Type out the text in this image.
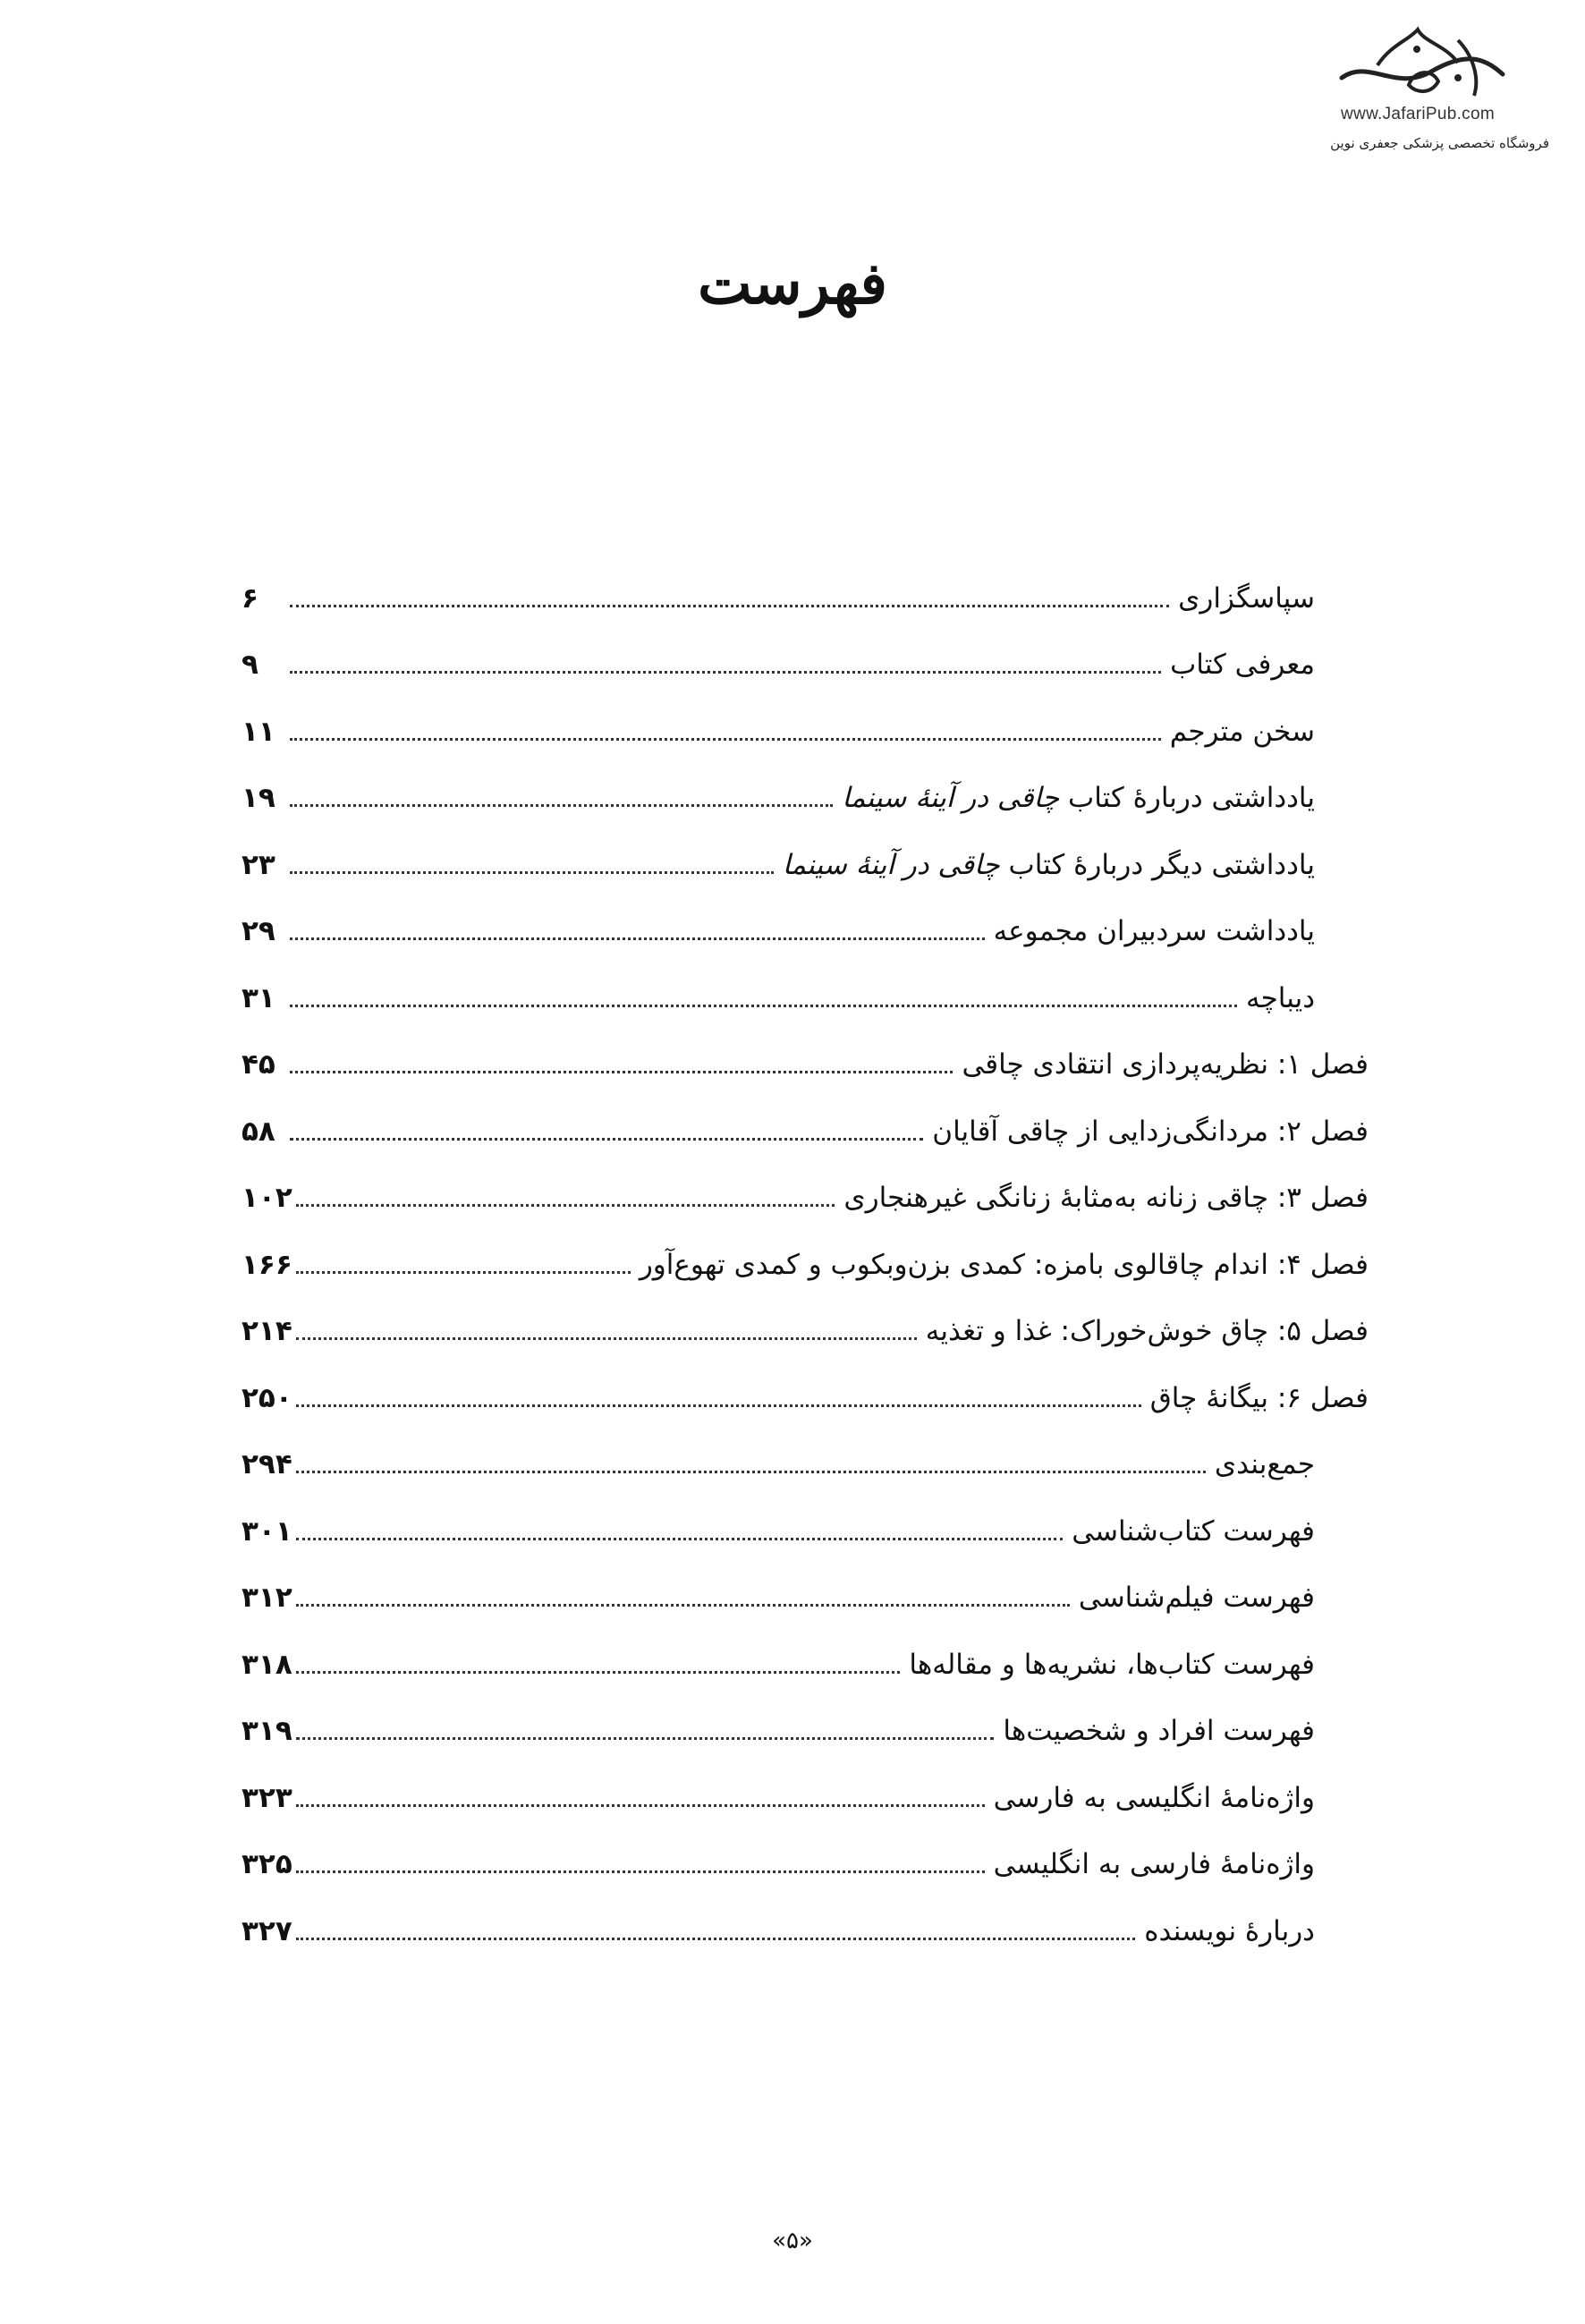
www.JafariPub.com
فروشگاه تخصصی پزشکی جعفری نوین
فهرست
سپاسگزاری
۶
معرفی کتاب
۹
سخن مترجم
۱۱
یادداشتی دربارۀ کتاب چاقی در آینۀ سینما
۱۹
یادداشتی دیگر دربارۀ کتاب چاقی در آینۀ سینما
۲۳
یادداشت سردبیران مجموعه
۲۹
دیباچه
۳۱
فصل ۱: نظریه‌پردازی انتقادی چاقی
۴۵
فصل ۲: مردانگی‌زدایی از چاقی آقایان
۵۸
فصل ۳: چاقی زنانه به‌مثابۀ زنانگی غیرهنجاری
۱۰۲
فصل ۴: اندام چاقالوی بامزه: کمدی بزن‌وبکوب و کمدی تهوع‌آور
۱۶۶
فصل ۵: چاق خوش‌خوراک: غذا و تغذیه
۲۱۴
فصل ۶: بیگانۀ چاق
۲۵۰
جمع‌بندی
۲۹۴
فهرست کتاب‌شناسی
۳۰۱
فهرست فیلم‌شناسی
۳۱۲
فهرست کتاب‌ها، نشریه‌ها و مقاله‌ها
۳۱۸
فهرست افراد و شخصیت‌ها
۳۱۹
واژه‌نامۀ انگلیسی به فارسی
۳۲۳
واژه‌نامۀ فارسی به انگلیسی
۳۲۵
دربارۀ نویسنده
۳۲۷
«۵»
